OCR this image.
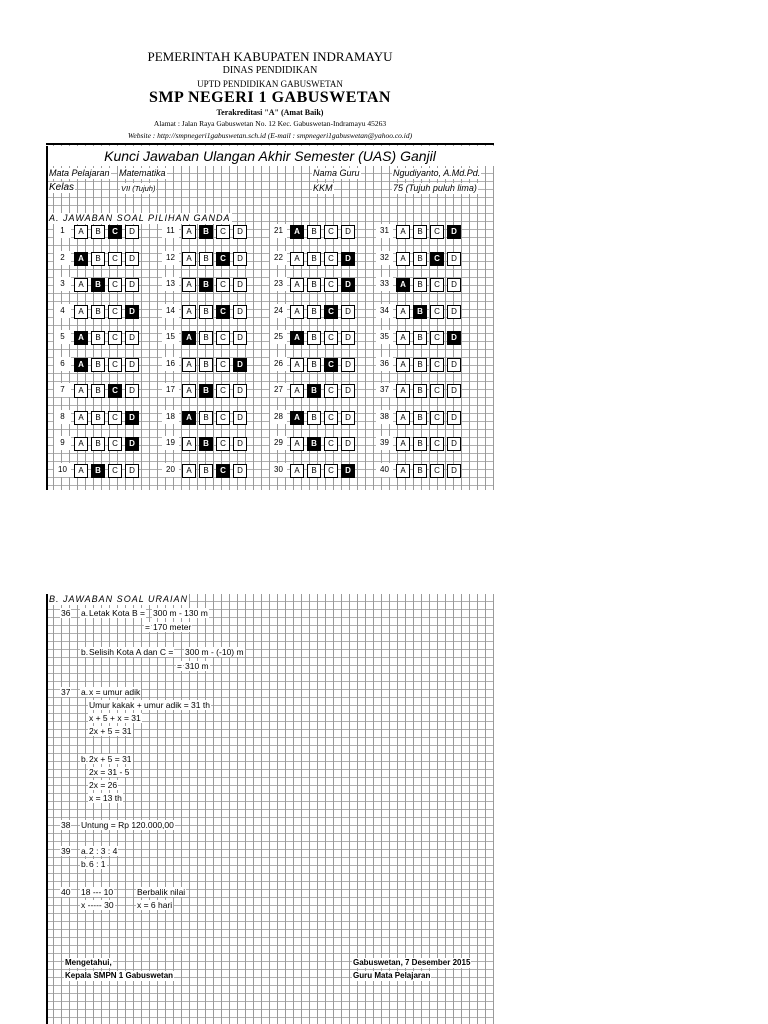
PEMERINTAH KABUPATEN INDRAMAYU
DINAS PENDIDIKAN
UPTD PENDIDIKAN GABUSWETAN
SMP NEGERI 1 GABUSWETAN
Terakreditasi "A" (Amat Baik)
Alamat : Jalan Raya Gabuswetan No. 12 Kec. Gabuswetan-Indramayu 45263
Website : http://smpnegeri1gabuswetan.sch.id (E-mail : smpnegeri1gabuswetan@yahoo.co.id)
Kunci Jawaban Ulangan Akhir Semester (UAS) Ganjil
Mata Pelajaran Matematika	Nama Guru	Ngudiyanto, A.Md.Pd.
Kelas	VII (Tujuh)	KKM	75 (Tujuh puluh lima)
A. JAWABAN SOAL PILIHAN GANDA
1	A	B	C	D
2	A	B	C	D
3	A	B	C	D
4	A	B	C	D
5	A	B	C	D
6	A	B	C	D
7	A	B	C	D
8	A	B	C	D
9	A	B	C	D
10	A	B	C	D
11	A	B	C	D
12	A	B	C	D
13	A	B	C	D
14	A	B	C	D
15	A	B	C	D
16	A	B	C	D
17	A	B	C	D
18	A	B	C	D
19	A	B	C	D
20	A	B	C	D
21	A	B	C	D
22	A	B	C	D
23	A	B	C	D
24	A	B	C	D
25	A	B	C	D
26	A	B	C	D
27	A	B	C	D
28	A	B	C	D
29	A	B	C	D
30	A	B	C	D
31	A	B	C	D
32	A	B	C	D
33	A	B	C	D
34	A	B	C	D
35	A	B	C	D
36	A	B	C	D
37	A	B	C	D
38	A	B	C	D
39	A	B	C	D
40	A	B	C	D
B. JAWABAN SOAL URAIAN
36 a. Letak Kota B = 300 m - 130 m
= 170 meter
b. Selisih Kota A dan C = 300 m - (-10) m
= 310 m
37 a. x = umur adik
Umur kakak + umur adik = 31 th
x + 5 + x = 31
2x + 5 = 31
b. 2x + 5 = 31
2x = 31 - 5
2x = 26
x = 13 th
38 Untung = Rp 120.000,00
39 a. 2 : 3 : 4
b. 6 : 1
40 18 --- 10	Berbalik nilai
x ----- 30	x = 6 hari
Mengetahui,
Kepala SMPN 1 Gabuswetan
Gabuswetan, 7 Desember 2015
Guru Mata Pelajaran
